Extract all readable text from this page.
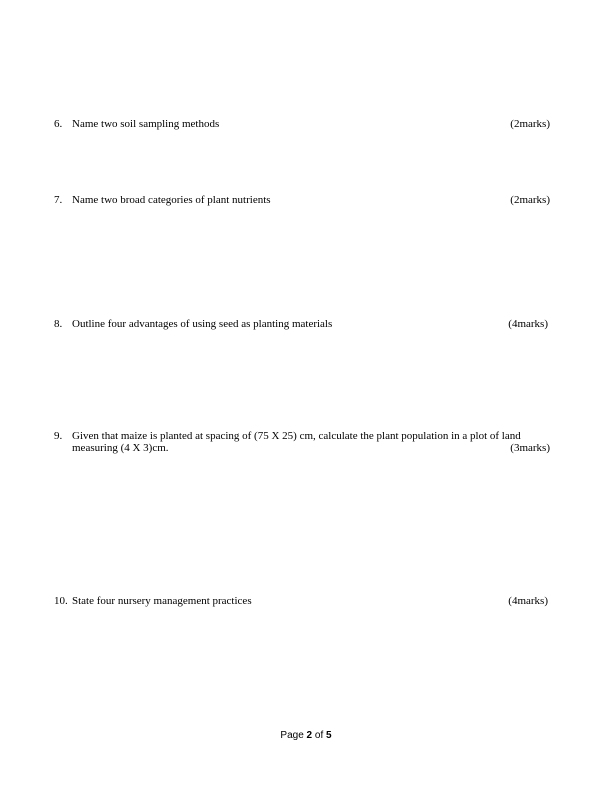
6. Name two soil sampling methods	(2marks)
7. Name two broad categories of plant nutrients	(2marks)
8. Outline four advantages of using seed as planting materials	(4marks)
9. Given that maize is planted at spacing of (75 X 25) cm, calculate the plant population in a plot of land
measuring (4 X 3)cm.	(3marks)
10. State four nursery management practices	(4marks)
Page 2 of 5
